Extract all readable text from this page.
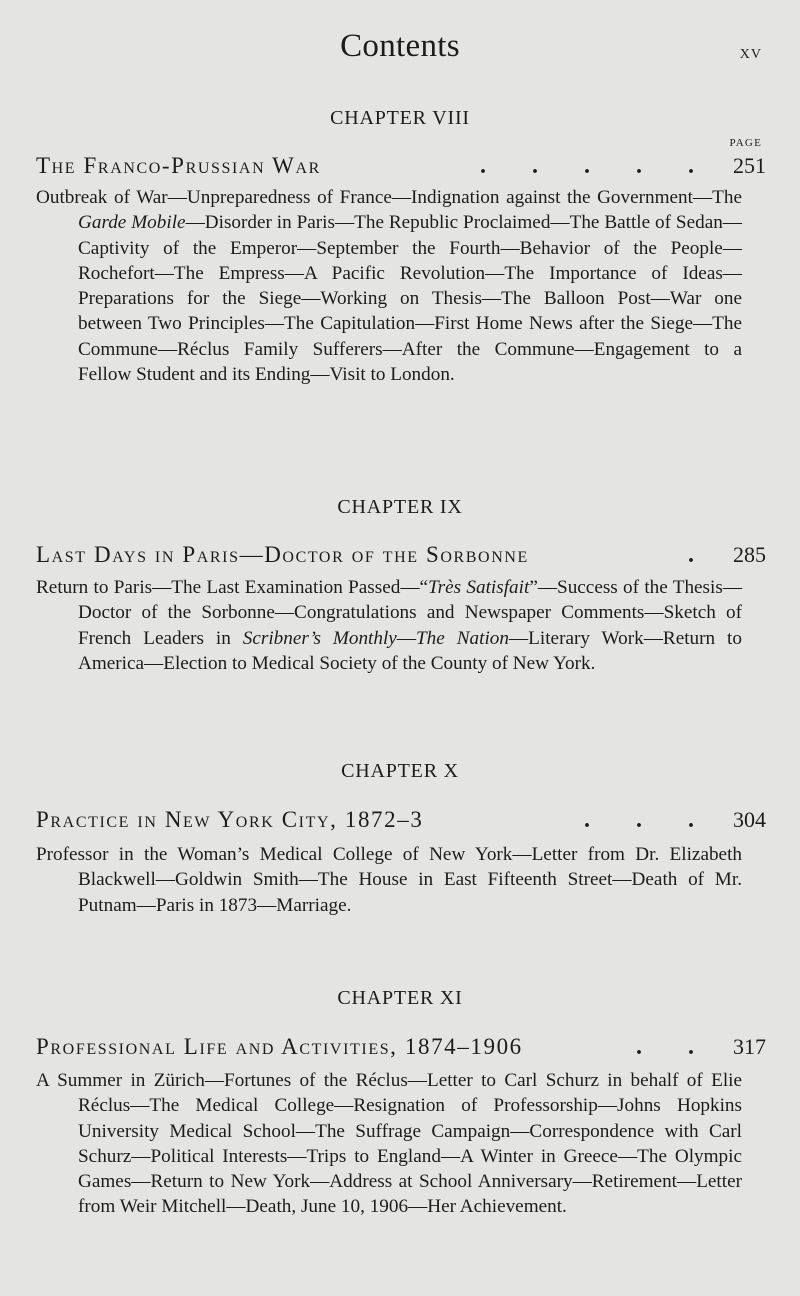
Contents	xv
CHAPTER VIII
PAGE
The Franco-Prussian War	. . . . . 251

Outbreak of War—Unpreparedness of France—Indignation against the Government—The Garde Mobile—Disorder in Paris—The Republic Proclaimed—The Battle of Sedan—Captivity of the Emperor—September the Fourth—Behavior of the People—Rochefort—The Empress—A Pacific Revolution—The Importance of Ideas—Preparations for the Siege—Working on Thesis—The Balloon Post—War one between Two Principles—The Capitulation—First Home News after the Siege—The Commune—Réclus Family Sufferers—After the Commune—Engagement to a Fellow Student and its Ending—Visit to London.

CHAPTER IX
Last Days in Paris—Doctor of the Sorbonne	. 285

Return to Paris—The Last Examination Passed—“Très Satisfait”—Success of the Thesis—Doctor of the Sorbonne—Congratulations and Newspaper Comments—Sketch of French Leaders in Scribner’s Monthly—The Nation—Literary Work—Return to America—Election to Medical Society of the County of New York.

CHAPTER X
Practice in New York City, 1872–3	. . . 304

Professor in the Woman’s Medical College of New York—Letter from Dr. Elizabeth Blackwell—Goldwin Smith—The House in East Fifteenth Street—Death of Mr. Putnam—Paris in 1873—Marriage.

CHAPTER XI
Professional Life and Activities, 1874–1906	. . 317

A Summer in Zürich—Fortunes of the Réclus—Letter to Carl Schurz in behalf of Elie Réclus—The Medical College—Resignation of Professorship—Johns Hopkins University Medical School—The Suffrage Campaign—Correspondence with Carl Schurz—Political Interests—Trips to England—A Winter in Greece—The Olympic Games—Return to New York—Address at School Anniversary—Retirement—Letter from Weir Mitchell—Death, June 10, 1906—Her Achievement.
